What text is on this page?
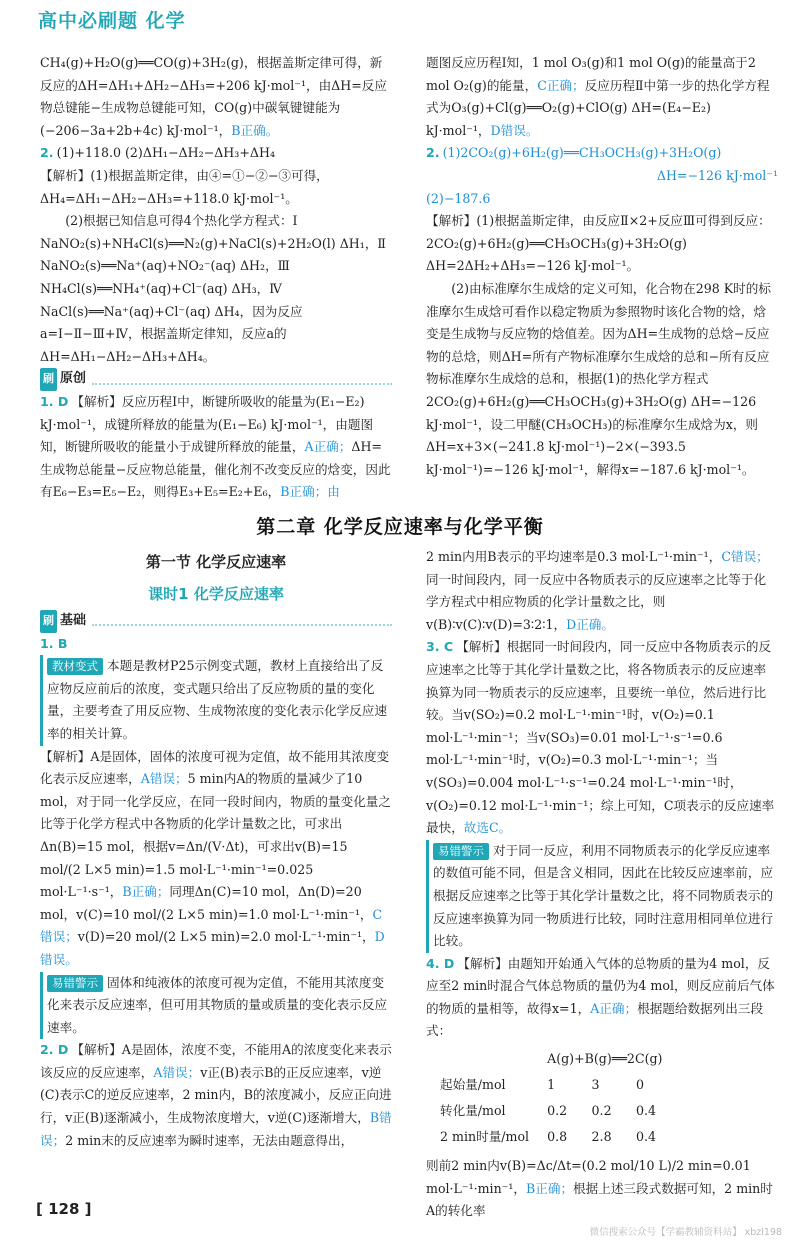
高中必刷题 化学

CH₄(g)+H₂O(g)══CO(g)+3H₂(g)，根据盖斯定律可得，新反应的ΔH=ΔH₁+ΔH₂−ΔH₃=+206 kJ·mol⁻¹，由ΔH=反应物总键能−生成物总键能可知，CO(g)中碳氧键键能为(−206−3a+2b+4c) kJ·mol⁻¹，B正确。

2. (1)+118.0 (2)ΔH₁−ΔH₂−ΔH₃+ΔH₄

【解析】(1)根据盖斯定律，由④=①−②−③可得，ΔH₄=ΔH₁−ΔH₂−ΔH₃=+118.0 kJ·mol⁻¹。

(2)根据已知信息可得4个热化学方程式：Ⅰ NaNO₂(s)+NH₄Cl(s)══N₂(g)+NaCl(s)+2H₂O(l) ΔH₁，Ⅱ NaNO₂(s)══Na⁺(aq)+NO₂⁻(aq) ΔH₂，Ⅲ NH₄Cl(s)══NH₄⁺(aq)+Cl⁻(aq) ΔH₃，Ⅳ NaCl(s)══Na⁺(aq)+Cl⁻(aq) ΔH₄，因为反应a=Ⅰ−Ⅱ−Ⅲ+Ⅳ，根据盖斯定律知，反应a的ΔH=ΔH₁−ΔH₂−ΔH₃+ΔH₄。

刷 原创

1. D 【解析】反应历程Ⅰ中，断键所吸收的能量为(E₁−E₂) kJ·mol⁻¹，成键所释放的能量为(E₁−E₆) kJ·mol⁻¹，由题图知，断键所吸收的能量小于成键所释放的能量，A正确；ΔH=生成物总能量−反应物总能量，催化剂不改变反应的焓变，因此有E₆−E₃=E₅−E₂，则得E₃+E₅=E₂+E₆，B正确；由

题图反应历程Ⅰ知，1 mol O₃(g)和1 mol O(g)的能量高于2 mol O₂(g)的能量，C正确；反应历程Ⅱ中第一步的热化学方程式为O₃(g)+Cl(g)══O₂(g)+ClO(g) ΔH=(E₄−E₂) kJ·mol⁻¹，D错误。

2. (1)2CO₂(g)+6H₂(g)══CH₃OCH₃(g)+3H₂O(g)

ΔH=−126 kJ·mol⁻¹

(2)−187.6

【解析】(1)根据盖斯定律，由反应Ⅱ×2+反应Ⅲ可得到反应：2CO₂(g)+6H₂(g)══CH₃OCH₃(g)+3H₂O(g) ΔH=2ΔH₂+ΔH₃=−126 kJ·mol⁻¹。

(2)由标准摩尔生成焓的定义可知，化合物在298 K时的标准摩尔生成焓可看作以稳定物质为参照物时该化合物的焓，焓变是生成物与反应物的焓值差。因为ΔH=生成物的总焓−反应物的总焓，则ΔH=所有产物标准摩尔生成焓的总和−所有反应物标准摩尔生成焓的总和，根据(1)的热化学方程式2CO₂(g)+6H₂(g)══CH₃OCH₃(g)+3H₂O(g) ΔH=−126 kJ·mol⁻¹，设二甲醚(CH₃OCH₃)的标准摩尔生成焓为x，则ΔH=x+3×(−241.8 kJ·mol⁻¹)−2×(−393.5 kJ·mol⁻¹)=−126 kJ·mol⁻¹，解得x=−187.6 kJ·mol⁻¹。

第二章 化学反应速率与化学平衡
第一节 化学反应速率
课时1 化学反应速率
刷 基础

1. B

教材变式 本题是教材P25示例变式题，教材上直接给出了反应物反应前后的浓度，变式题只给出了反应物质的量的变化量，主要考查了用反应物、生成物浓度的变化表示化学反应速率的相关计算。

【解析】A是固体，固体的浓度可视为定值，故不能用其浓度变化表示反应速率，A错误；5 min内A的物质的量减少了10 mol，对于同一化学反应，在同一段时间内，物质的量变化量之比等于化学方程式中各物质的化学计量数之比，可求出Δn(B)=15 mol，根据v=Δn/(V·Δt)，可求出v(B)=15 mol/(2 L×5 min)=1.5 mol·L⁻¹·min⁻¹=0.025 mol·L⁻¹·s⁻¹，B正确；同理Δn(C)=10 mol，Δn(D)=20 mol，v(C)=10 mol/(2 L×5 min)=1.0 mol·L⁻¹·min⁻¹，C错误；v(D)=20 mol/(2 L×5 min)=2.0 mol·L⁻¹·min⁻¹，D错误。

易错警示 固体和纯液体的浓度可视为定值，不能用其浓度变化来表示反应速率，但可用其物质的量或质量的变化表示反应速率。

2. D 【解析】A是固体，浓度不变，不能用A的浓度变化来表示该反应的反应速率，A错误；v正(B)表示B的正反应速率，v逆(C)表示C的逆反应速率，2 min内，B的浓度减小，反应正向进行，v正(B)逐渐减小，生成物浓度增大，v逆(C)逐渐增大，B错误；2 min末的反应速率为瞬时速率，无法由题意得出，

2 min内用B表示的平均速率是0.3 mol·L⁻¹·min⁻¹，C错误；同一时间段内，同一反应中各物质表示的反应速率之比等于化学方程式中相应物质的化学计量数之比，则v(B)∶v(C)∶v(D)=3∶2∶1，D正确。

3. C 【解析】根据同一时间段内，同一反应中各物质表示的反应速率之比等于其化学计量数之比，将各物质表示的反应速率换算为同一物质表示的反应速率，且要统一单位，然后进行比较。当v(SO₂)=0.2 mol·L⁻¹·min⁻¹时，v(O₂)=0.1 mol·L⁻¹·min⁻¹；当v(SO₃)=0.01 mol·L⁻¹·s⁻¹=0.6 mol·L⁻¹·min⁻¹时，v(O₂)=0.3 mol·L⁻¹·min⁻¹；当v(SO₃)=0.004 mol·L⁻¹·s⁻¹=0.24 mol·L⁻¹·min⁻¹时，v(O₂)=0.12 mol·L⁻¹·min⁻¹；综上可知，C项表示的反应速率最快，故选C。

易错警示 对于同一反应，利用不同物质表示的化学反应速率的数值可能不同，但是含义相同，因此在比较反应速率前，应根据反应速率之比等于其化学计量数之比，将不同物质表示的反应速率换算为同一物质进行比较，同时注意用相同单位进行比较。

4. D 【解析】由题知开始通入气体的总物质的量为4 mol，反应至2 min时混合气体总物质的量仍为4 mol，则反应前后气体的物质的量相等，故得x=1，A正确；根据题给数据列出三段式：

	A(g)+B(g)══2C(g)		
起始量/mol	1	3	0
转化量/mol	0.2	0.2	0.4
2 min时量/mol	0.8	2.8	0.4

则前2 min内v(B)=Δc/Δt=(0.2 mol/10 L)/2 min=0.01 mol·L⁻¹·min⁻¹，B正确；根据上述三段式数据可知，2 min时A的转化率

[ 128 ]
微信搜索公众号【学霸教辅资料站】 xbzl198
